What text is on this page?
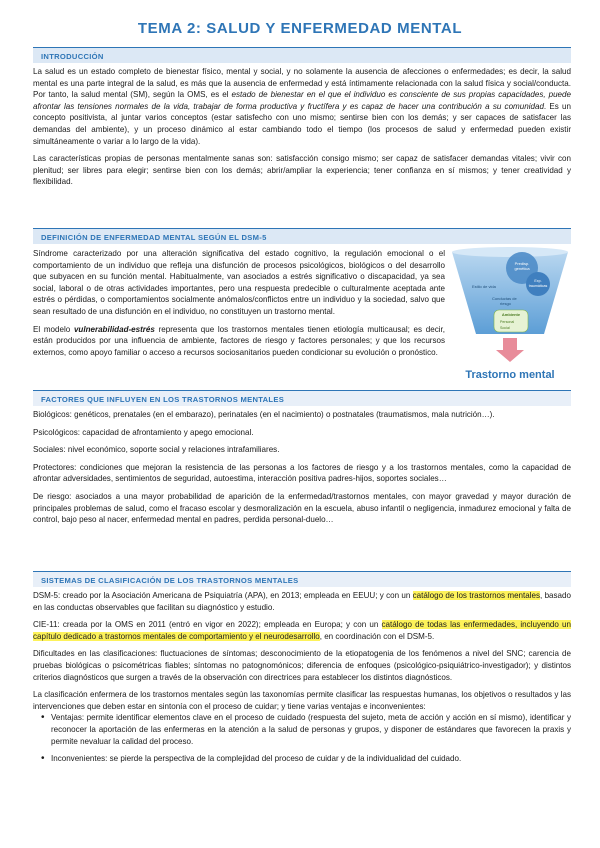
TEMA 2: SALUD Y ENFERMEDAD MENTAL
INTRODUCCIÓN

La salud es un estado completo de bienestar físico, mental y social, y no solamente la ausencia de afecciones o enfermedades; es decir, la salud mental es una parte integral de la salud, es más que la ausencia de enfermedad y está íntimamente relacionada con la salud física y social/conducta. Por tanto, la salud mental (SM), según la OMS, es el estado de bienestar en el que el individuo es consciente de sus propias capacidades, puede afrontar las tensiones normales de la vida, trabajar de forma productiva y fructífera y es capaz de hacer una contribución a su comunidad. Es un concepto positivista, al juntar varios conceptos (estar satisfecho con uno mismo; sentirse bien con los demás; y ser capaces de satisfacer las demandas del ambiente), y un proceso dinámico al estar cambiando todo el tiempo (los procesos de salud y enfermedad pueden existir simultáneamente o variar a lo largo de la vida).

Las características propias de personas mentalmente sanas son: satisfacción consigo mismo; ser capaz de satisfacer demandas vitales; vivir con plenitud; ser libres para elegir; sentirse bien con los demás; abrir/ampliar la experiencia; tener confianza en sí mismos; y tener creatividad y flexibilidad.

DEFINICIÓN DE ENFERMEDAD MENTAL SEGÚN EL DSM-5

Síndrome caracterizado por una alteración significativa del estado cognitivo, la regulación emocional o el comportamiento de un individuo que refleja una disfunción de procesos psicológicos, biológicos o del desarrollo que subyacen en su función mental. Habitualmente, van asociados a estrés significativo o discapacidad, ya sea social, laboral o de otras actividades importantes, pero una respuesta predecible o culturalmente aceptada ante estrés o pérdidas, o comportamientos socialmente anómalos/conflictos entre un individuo y la sociedad, salvo que sean resultado de una disfunción en el individuo, no constituyen un trastorno mental.

El modelo vulnerabilidad-estrés representa que los trastornos mentales tienen etiología multicausal; es decir, están producidos por una influencia de ambiente, factores de riesgo y factores personales; y que los recursos externos, como apoyo familiar o acceso a recursos sociosanitarios pueden condicionar su evolución o pronóstico.

Predisp.
genética
Exp.
traumáticas
Estilo de vida
Conductas de
riesgo
Ambiente
Personal
Social
Trastorno mental
FACTORES QUE INFLUYEN EN LOS TRASTORNOS MENTALES

Biológicos: genéticos, prenatales (en el embarazo), perinatales (en el nacimiento) o postnatales (traumatismos, mala nutrición…).

Psicológicos: capacidad de afrontamiento y apego emocional.

Sociales: nivel económico, soporte social y relaciones intrafamiliares.

Protectores: condiciones que mejoran la resistencia de las personas a los factores de riesgo y a los trastornos mentales, como la capacidad de afrontar adversidades, sentimientos de seguridad, autoestima, interacción positiva padres-hijos, soportes sociales…

De riesgo: asociados a una mayor probabilidad de aparición de la enfermedad/trastornos mentales, con mayor gravedad y mayor duración de principales problemas de salud, como el fracaso escolar y desmoralización en la escuela, abuso infantil o negligencia, inmadurez emocional y falta de control, bajo peso al nacer, enfermedad mental en padres, perdida personal-duelo…

SISTEMAS DE CLASIFICACIÓN DE LOS TRASTORNOS MENTALES

DSM-5: creado por la Asociación Americana de Psiquiatría (APA), en 2013; empleada en EEUU; y con un catálogo de los trastornos mentales, basado en las conductas observables que facilitan su diagnóstico y estudio.

CIE-11: creada por la OMS en 2011 (entró en vigor en 2022); empleada en Europa; y con un catálogo de todas las enfermedades, incluyendo un capítulo dedicado a trastornos mentales de comportamiento y el neurodesarrollo, en coordinación con el DSM-5.

Dificultades en las clasificaciones: fluctuaciones de síntomas; desconocimiento de la etiopatogenia de los fenómenos a nivel del SNC; carencia de pruebas biológicas o psicométricas fiables; síntomas no patognomónicos; diferencia de enfoques (psicológico-psiquiátrico-investigador); y distintos criterios diagnósticos que surgen a través de la observación con directrices para establecer los distintos diagnósticos.

La clasificación enfermera de los trastornos mentales según las taxonomías permite clasificar las respuestas humanas, los objetivos o resultados y las intervenciones que deben estar en sintonía con el proceso de cuidar; y tiene varias ventajas e inconvenientes:

• Ventajas: permite identificar elementos clave en el proceso de cuidado (respuesta del sujeto, meta de acción y acción en sí mismo), identificar y reconocer la aportación de las enfermeras en la atención a la salud de personas y grupos, y disponer de estándares que favorecen la praxis y permite nevaluar la calidad del proceso.
• Inconvenientes: se pierde la perspectiva de la complejidad del proceso de cuidar y de la individualidad del cuidado.
